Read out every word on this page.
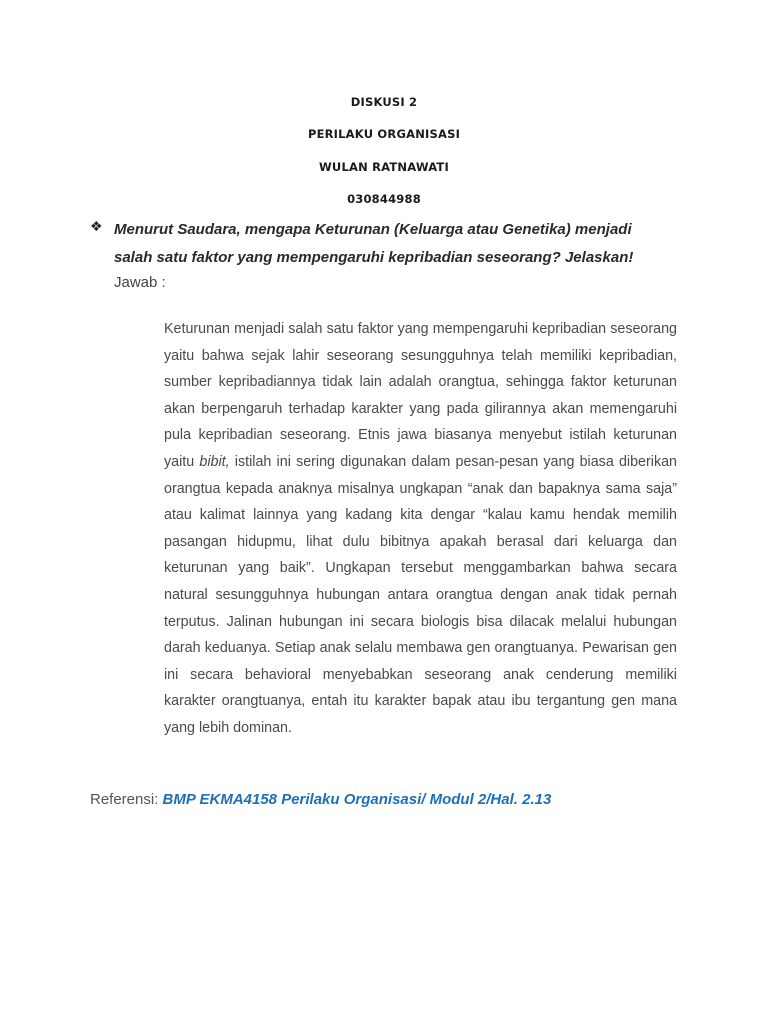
DISKUSI 2
PERILAKU ORGANISASI
WULAN RATNAWATI
030844988
❖ Menurut Saudara, mengapa Keturunan (Keluarga atau Genetika) menjadi salah satu faktor yang mempengaruhi kepribadian seseorang? Jelaskan!
Jawab :

Keturunan menjadi salah satu faktor yang mempengaruhi kepribadian seseorang yaitu bahwa sejak lahir seseorang sesungguhnya telah memiliki kepribadian, sumber kepribadiannya tidak lain adalah orangtua, sehingga faktor keturunan akan berpengaruh terhadap karakter yang pada gilirannya akan memengaruhi pula kepribadian seseorang. Etnis jawa biasanya menyebut istilah keturunan yaitu bibit, istilah ini sering digunakan dalam pesan-pesan yang biasa diberikan orangtua kepada anaknya misalnya ungkapan “anak dan bapaknya sama saja” atau kalimat lainnya yang kadang kita dengar “kalau kamu hendak memilih pasangan hidupmu, lihat dulu bibitnya apakah berasal dari keluarga dan keturunan yang baik”. Ungkapan tersebut menggambarkan bahwa secara natural sesungguhnya hubungan antara orangtua dengan anak tidak pernah terputus. Jalinan hubungan ini secara biologis bisa dilacak melalui hubungan darah keduanya. Setiap anak selalu membawa gen orangtuanya. Pewarisan gen ini secara behavioral menyebabkan seseorang anak cenderung memiliki karakter orangtuanya, entah itu karakter bapak atau ibu tergantung gen mana yang lebih dominan.

Referensi: BMP EKMA4158 Perilaku Organisasi/ Modul 2/Hal. 2.13
